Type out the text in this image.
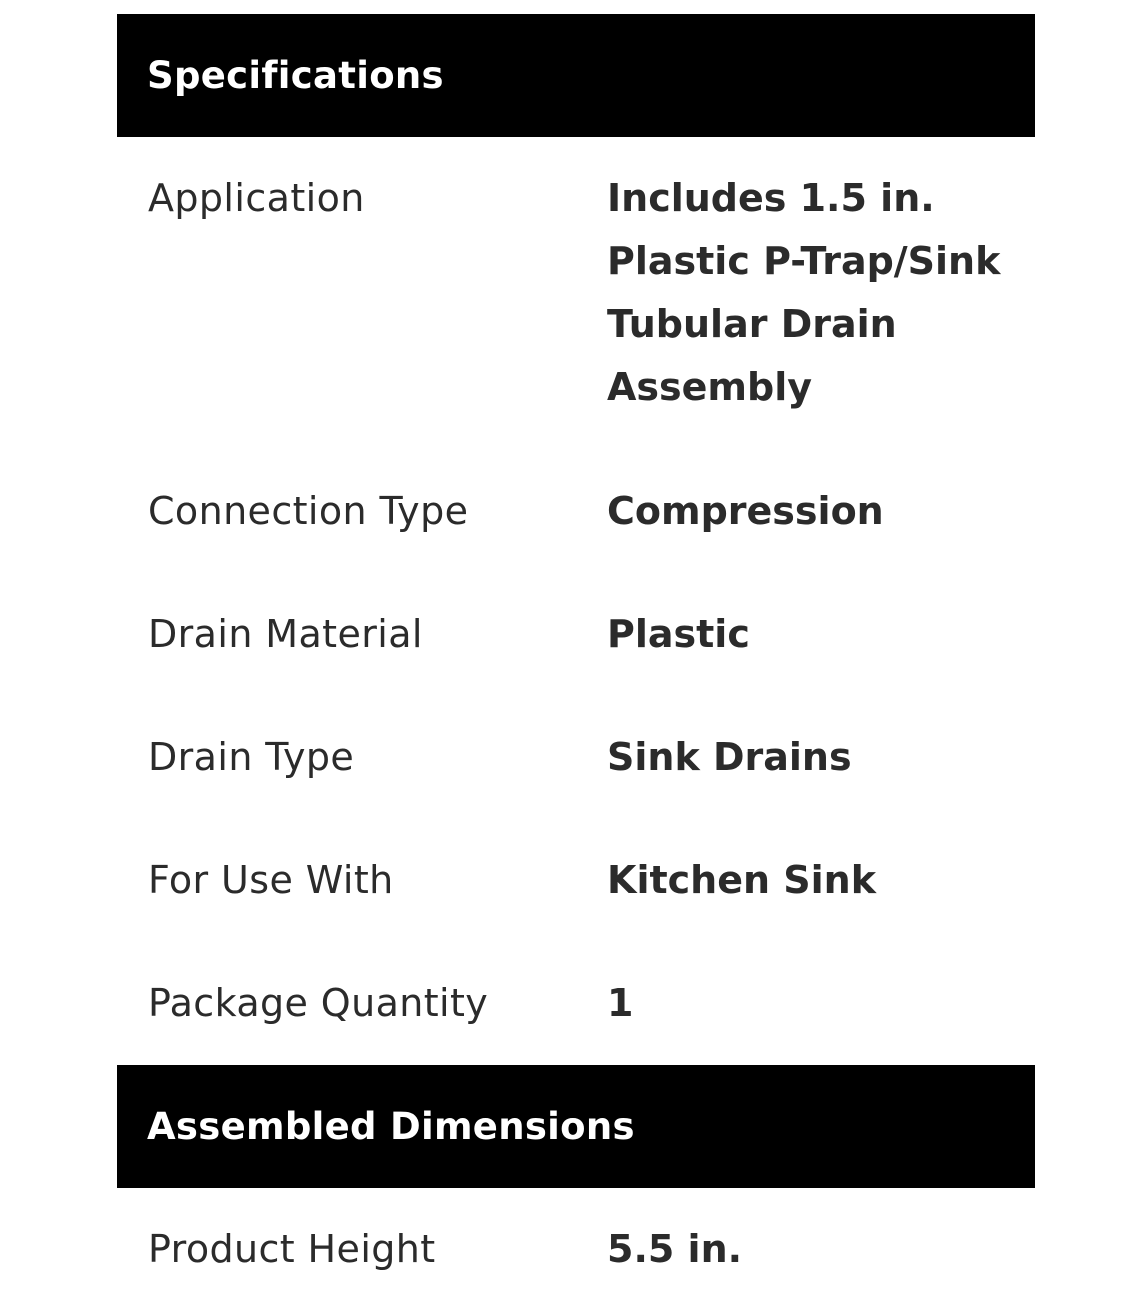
Specifications
Application	Includes 1.5 in. Plastic P-Trap/Sink Tubular Drain Assembly
Connection Type	Compression
Drain Material	Plastic
Drain Type	Sink Drains
For Use With	Kitchen Sink
Package Quantity	1
Assembled Dimensions
Product Height	5.5 in.
